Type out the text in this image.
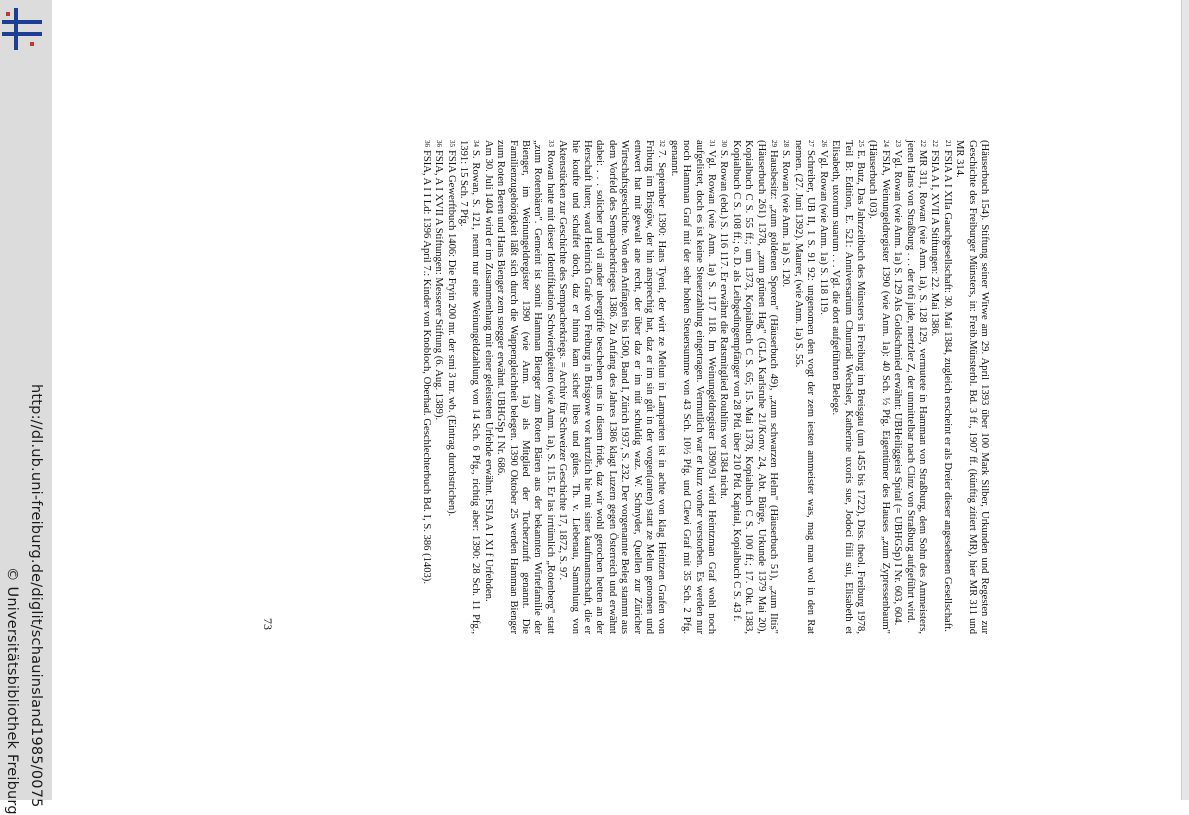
http://dl.ub.uni-freiburg.de/diglit/schauinsland1985/0075
© Universitätsbibliothek Freiburg

(Häuserbuch 154). Stiftung seiner Witwe am 29. April 1393 über 100 Mark Silber, Urkunden und Regesten zur Geschichte des Freiburger Münsters, in: Freib.Münsterbl. Bd. 3 ff., 1907 ff. (künftig zitiert MR), hier MR 311 und MR 314.

$^{21}$FSIA A I XIIa Gauchgesellschaft: 30. Mai 1384, zugleich erscheint er als Dreier dieser angesehenen Gesellschaft.

$^{22}$FSIA A I, XVII A Stiftungen: 22. Mai 1386.

$^{22}$MR 311, Rowan (wie Anm. 1a), S. 128 129, vermutete in Hamman von Straßburg, dem Sohn des Ammeisters, jenen Hans von Straßburg . . . der tofi jude, mertzler Z, der unmittelbar nach Clinz von Straßburg aufgeführt wird.

$^{23}$Vgl. Rowan (wie Anm. 1a) S. 129 Als Goldschmied erwähnt: UBHeiliggeist Spital (= UBHGSp) I Nr. 603, 604.

$^{24}$FSIA, Weinungeldregister 1390 (wie Anm. 1a): 40 Sch. ½ Pfg. Eigentümer des Hauses „zum Zypressenbaum" (Häuserbuch 103).

$^{25}$E. Butz, Das Jahrzeitbuch des Münsters in Freiburg im Breisgau (um 1455 bis 1722), Diss. theol. Freiburg 1978, Teil B: Edition, E. 521: Anniversarium Chunradi Wechsler, Katherine uxoris sue, Jodoci filii sui, Elisabeth et Elisabeth, uxorum suarum . . . Vgl. die dort aufgeführten Belege.

$^{26}$Vgl. Rowan (wie Anm. 1a) S. 118 119.

$^{27}$Schreiber, UB II, 1 S. 91 92: ungenomen den vogt der zem iesten ammeister was, mag man wol in den Rat nemen. (27. Juni 1392). Maurer, (wie Anm. 1a) S. 55.

$^{28}$S. Rowan (wie Anm. 1a) S. 120.

$^{29}$Hausbesitz: „zum goldenen Sporen" (Häuserbuch 49), „zum schwarzen Helm" (Häuserbuch 51), „zum Iltis" (Häuserbuch 261) 1378, „zum grünen Hag" (GLA Karlsruhe 21/Konv. 24, Abt. Bürge, Urkunde 1379 Mai 20), Kopialbuch C S. 55 ff.; um 1373, Kopialbuch C S. 65; 15. Mai 1378, Kopialbuch C S. 100 ff.; 17. Okt. 1383, Kopialbuch C S. 108 ff.; o. D. als Leibgedingempfänger von 28 Pfd. über 210 Pfd. Kapital, Kopialbuch C S. 43 f.

$^{30}$S. Rowan (ebd.) S. 116 117. Er erwähnt die Ratsmitglied Rouhlins vor 1384 nicht.

$^{31}$Vgl. Rowan (wie Anm. 1a) S. 117 118. Im Weinungeldregister 1390/91 wird Heintzman Graf wohl noch aufgelistet, doch es ist keine Steuerzahlung eingetragen. Vermutlich war er kurz vorher verstorben. Es werden nur noch Hamman Graf mit der sehr hohen Steuersumme von 43 Sch. 10½ Pfg. und Clewi Graf mit 35 Sch. 2 Pfg. genannt.

$^{32}$7. September 1390: Hans Tyeni, der wirt ze Melun in Lamparten ist in achte von klag Heintzen Grafen von Friburg im Brisgöw, der hin ansprechig hat, daz er im sin gůt in der vorgen(anten) statt ze Melun genomen und entwert hat mit gewalt ane recht, der über daz er im nüt schuldig waz. W. Schnyder, Quellen zur Züricher Wirtschaftsgeschichte. Von den Anfängen bis 1500, Band I, Zürich 1937, S. 232. Der vorgenannte Beleg stammt aus dem Vorfeld des Sempacherkrieges 1386. Zu Anfang des Jahres 1386 klagt Luzern gegen Österreich und erwähnt dabei: . . . solicher und vil ander ubergriffe beschehen uns in disem fride, daz wir wohl gerochen hetten an der Herschaft luten; ward Heinrich Grafe von Freiburg in Brisgowe vor kurtzlich hie mit siner kaufmannschaft, die er hie koufte und schaffet doch, daz er hinna kam sicher libes und gůtes. Th. v. Liebenau, Sammlung von Aktenstücken zur Geschichte des Sempacherkriegs. = Archiv für Schweizer Geschichte 17, 1872, S. 97.

$^{33}$Rowan hatte mit dieser Identifikation Schwierigkeiten (wie Anm. 1a), S. 115. Er las irrtümlich „Rotenberg" statt „zum Rotenbären". Gemeint ist somit Hamman Bienger zum Roten Bären aus der bekannten Wirtefamilie der Bienger, im Weinungeldregister 1390 (wie Anm. 1a) als Mitglied der Tucherzunft genannt. Die Familienzugehörigkeit läßt sich durch die Wappengleichheit belegen. 1390 Oktober 25 werden Hamman Bienger zum Roten Beren und Hans Bienger zem snegger erwähnt. UBHGSp I Nr. 686.

Am 30. Juli 1404 wird er im Zusammenhang mit einer geleisteten Urfehde erwähnt. FSIA A I XI f Urfehden.

$^{34}$S. Rowan, S. 121, nennt nur eine Weinungeldzahlung von 14 Sch. 6 Pfg., richtig aber: 1390: 28 Sch. 11 Pfg., 1391: 15 Sch. 7 Pfg.

$^{35}$FSIA Gewerftbuch 1406: Die Fryin 200 mr. der smi 3 mr. wb. (Eintrag durchstrichen).

$^{36}$FSIA, A I XVII A Stiftungen: Messerer Stiftung (6. Aug. 1389).

$^{36}$FSIA, A I I Ld: 1396 April 7.: Kinder von Knobloch, Oberhad. Geschlechterbuch Bd. I, S. 386 (1403).

73
